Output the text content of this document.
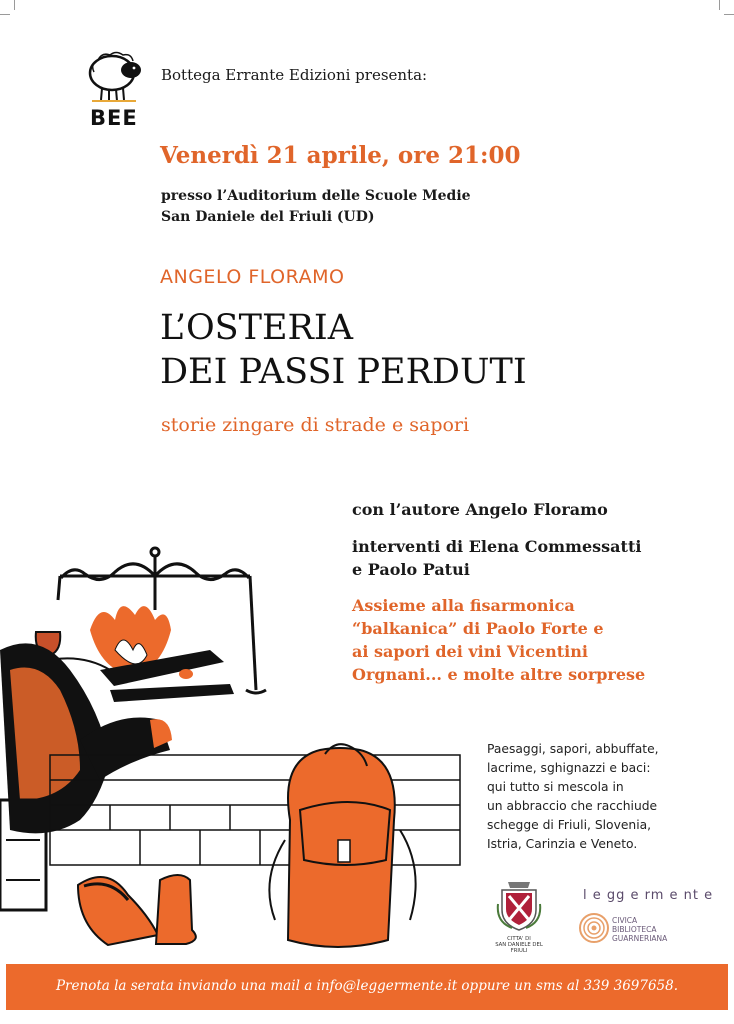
BEE
Bottega Errante Edizioni presenta:
Venerdì 21 aprile, ore 21:00
presso l’Auditorium delle Scuole Medie
San Daniele del Friuli (UD)
ANGELO FLORAMO
L’OSTERIA
DEI PASSI PERDUTI
storie zingare di strade e sapori
con l’autore Angelo Floramo
interventi di Elena Commessatti
e Paolo Patui
Assieme alla fisarmonica
“balkanica” di Paolo Forte e
ai sapori dei vini Vicentini
Orgnani... e molte altre sorprese
Paesaggi, sapori, abbuffate,
lacrime, sghignazzi e baci:
qui tutto si mescola in
un abbraccio che racchiude
schegge di Friuli, Slovenia,
Istria, Carinzia e Veneto.
CITTA' DI
SAN DANIELE DEL FRIULI
l e gg e rm e nt e
CIVICA
BIBLIOTECA
GUARNERIANA
Prenota la serata inviando una mail a info@leggermente.it oppure un sms al 339 3697658.
